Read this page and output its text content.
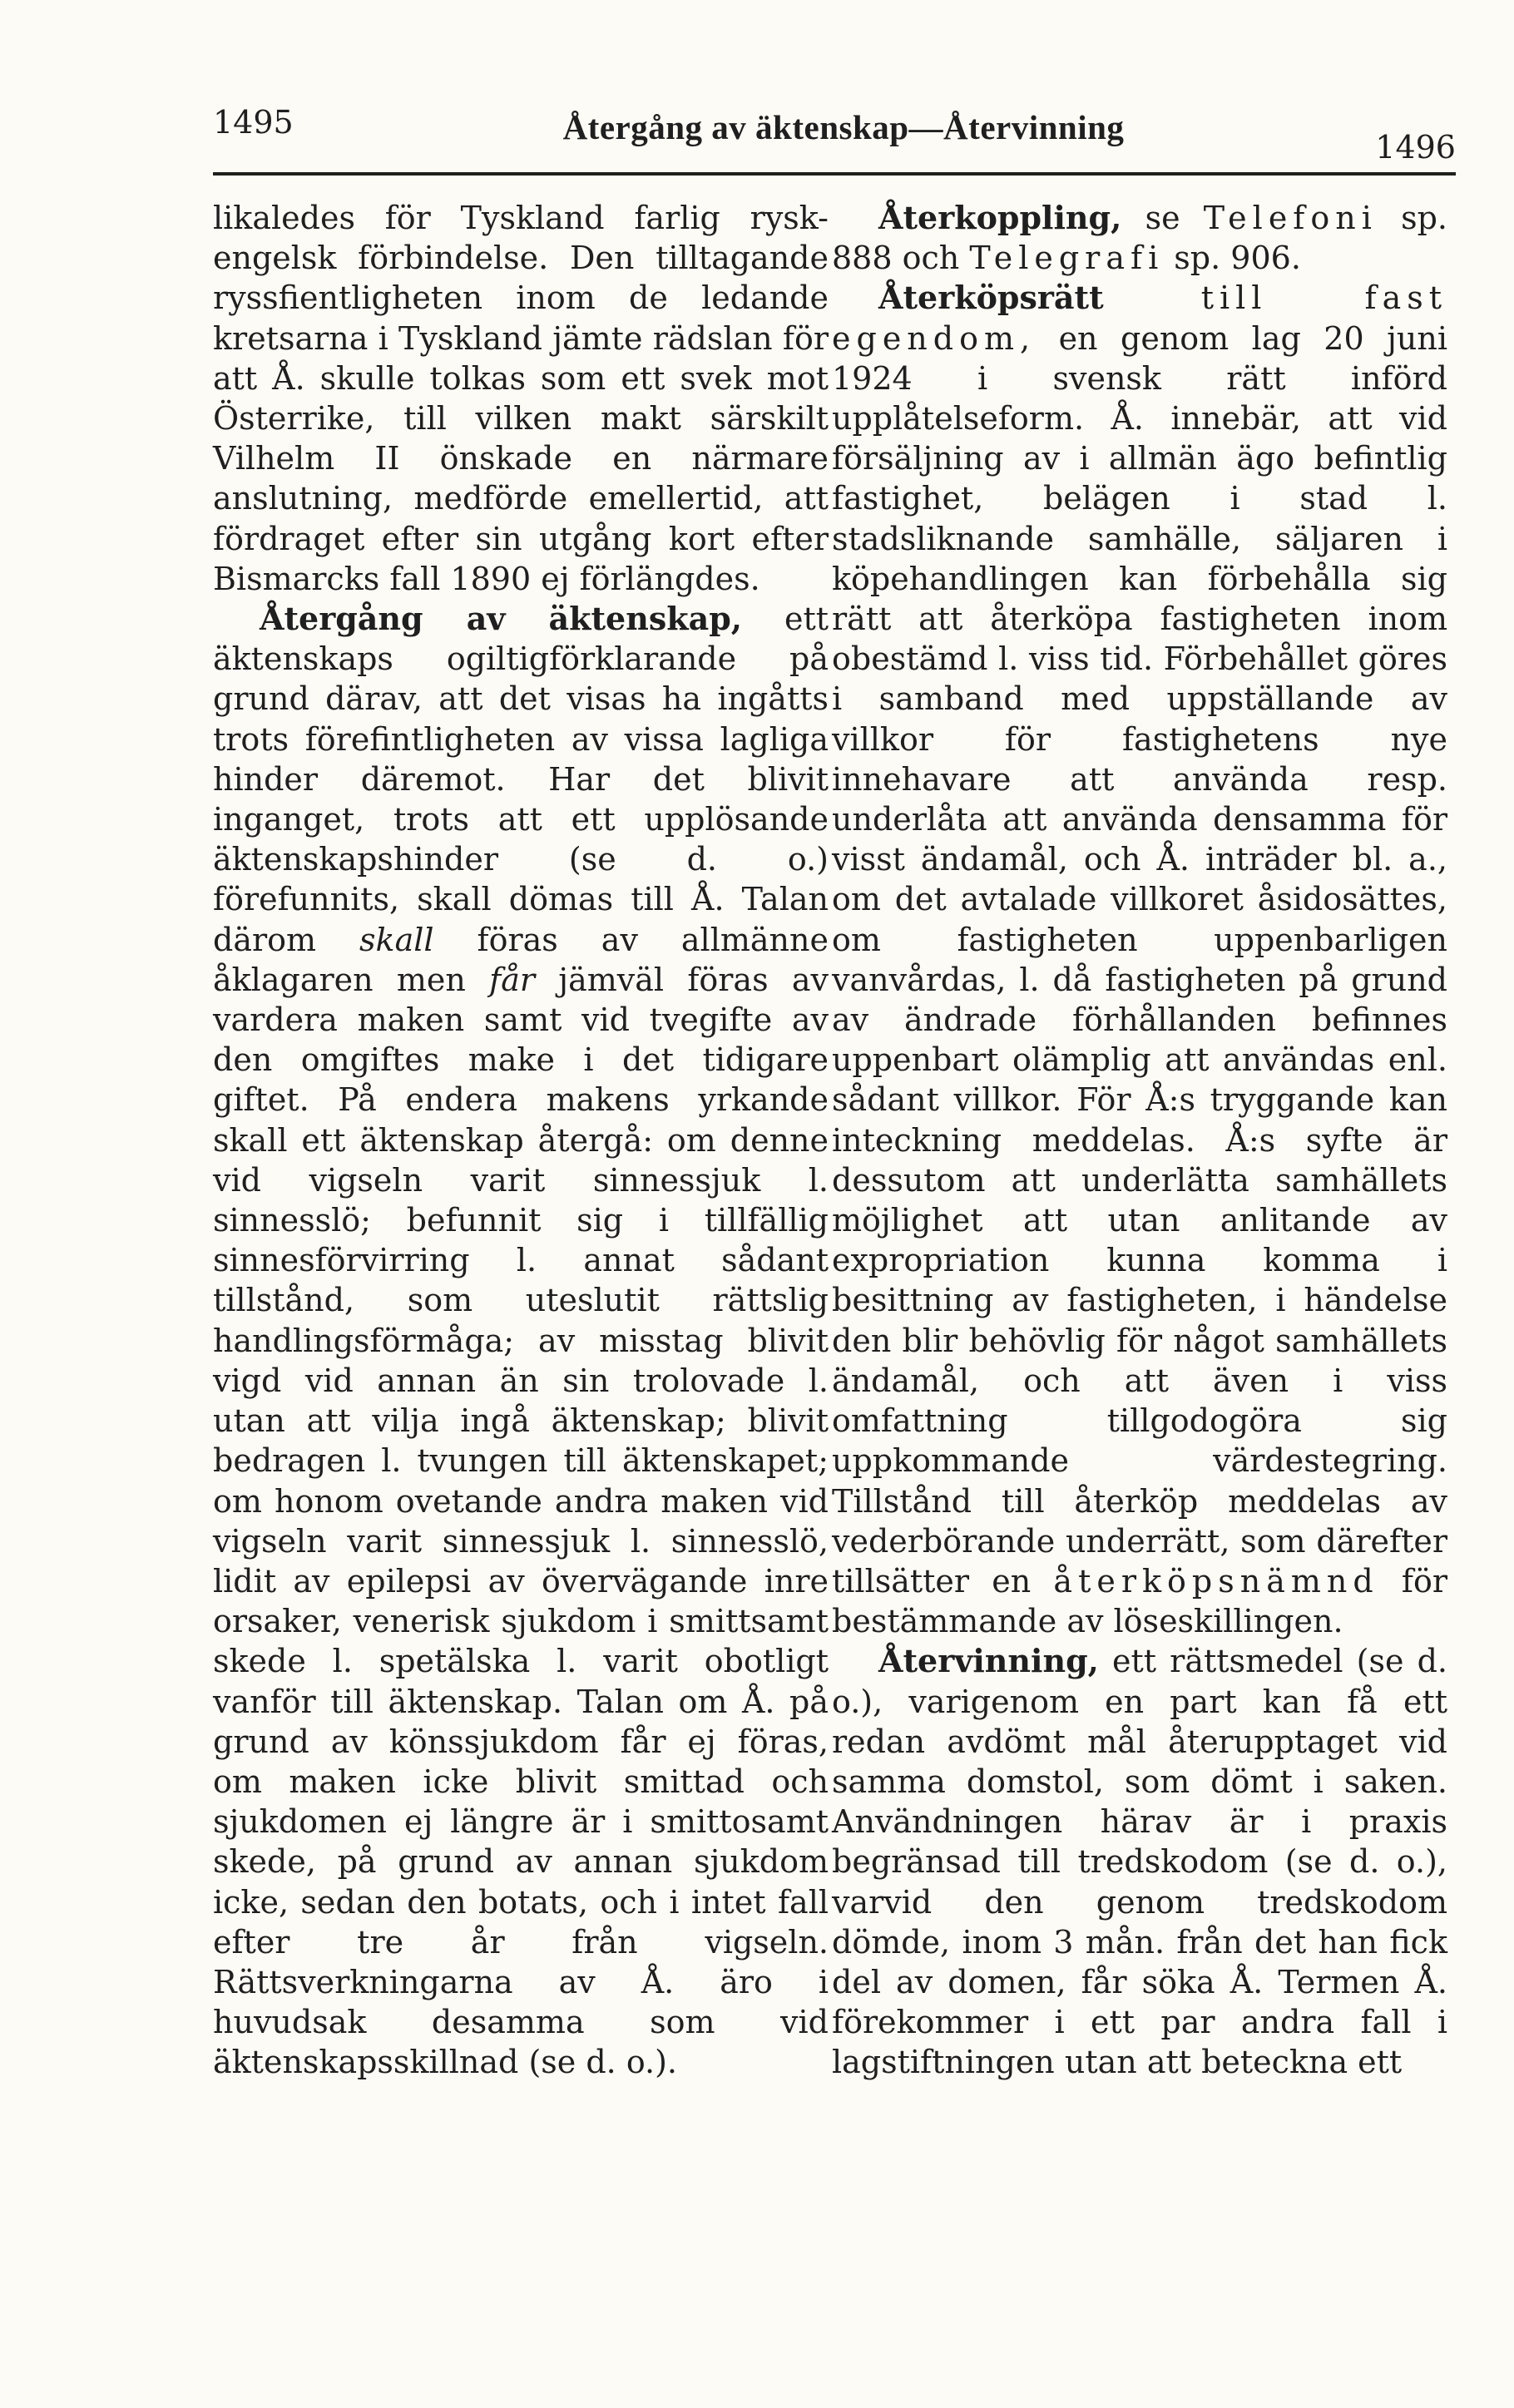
1495	Återgång av äktenskap—Återvinning
1496

likaledes för Tyskland farlig rysk-engelsk förbindelse. Den tilltagande ryssfientligheten inom de ledande kretsarna i Tyskland jämte rädslan för att Å. skulle tolkas som ett svek mot Österrike, till vilken makt särskilt Vilhelm II önskade en närmare anslutning, medförde emellertid, att fördraget efter sin utgång kort efter Bismarcks fall 1890 ej förlängdes.

Återgång av äktenskap, ett äktenskaps ogiltigförklarande på grund därav, att det visas ha ingåtts trots förefintligheten av vissa lagliga hinder däremot. Har det blivit inganget, trots att ett upplösande äktenskapshinder (se d. o.) förefunnits, skall dömas till Å. Talan därom skall föras av allmänne åklagaren men får jämväl föras av vardera maken samt vid tvegifte av den omgiftes make i det tidigare giftet. På endera makens yrkande skall ett äktenskap återgå: om denne vid vigseln varit sinnessjuk l. sinnesslö; befunnit sig i tillfällig sinnesförvirring l. annat sådant tillstånd, som uteslutit rättslig handlingsförmåga; av misstag blivit vigd vid annan än sin trolovade l. utan att vilja ingå äktenskap; blivit bedragen l. tvungen till äktenskapet; om honom ovetande andra maken vid vigseln varit sinnessjuk l. sinnesslö, lidit av epilepsi av övervägande inre orsaker, venerisk sjukdom i smittsamt skede l. spetälska l. varit obotligt vanför till äktenskap. Talan om Å. på grund av könssjukdom får ej föras, om maken icke blivit smittad och sjukdomen ej längre är i smittosamt skede, på grund av annan sjukdom icke, sedan den botats, och i intet fall efter tre år från vigseln. Rättsverkningarna av Å. äro i huvudsak desamma som vid äktenskapsskillnad (se d. o.).

Återkoppling, se Telefoni sp. 888 och Telegrafi sp. 906.

Återköpsrätt till fast egendom, en genom lag 20 juni 1924 i svensk rätt införd upplåtelseform. Å. innebär, att vid försäljning av i allmän ägo befintlig fastighet, belägen i stad l. stadsliknande samhälle, säljaren i köpehandlingen kan förbehålla sig rätt att återköpa fastigheten inom obestämd l. viss tid. Förbehållet göres i samband med uppställande av villkor för fastighetens nye innehavare att använda resp. underlåta att använda densamma för visst ändamål, och Å. inträder bl. a., om det avtalade villkoret åsidosättes, om fastigheten uppenbarligen vanvårdas, l. då fastigheten på grund av ändrade förhållanden befinnes uppenbart olämplig att användas enl. sådant villkor. För Å:s tryggande kan inteckning meddelas. Å:s syfte är dessutom att underlätta samhällets möjlighet att utan anlitande av expropriation kunna komma i besittning av fastigheten, i händelse den blir behövlig för något samhällets ändamål, och att även i viss omfattning tillgodogöra sig uppkommande värdestegring. Tillstånd till återköp meddelas av vederbörande underrätt, som därefter tillsätter en återköpsnämnd för bestämmande av löseskillingen.

Återvinning, ett rättsmedel (se d. o.), varigenom en part kan få ett redan avdömt mål återupptaget vid samma domstol, som dömt i saken. Användningen härav är i praxis begränsad till tredskodom (se d. o.), varvid den genom tredskodom dömde, inom 3 mån. från det han fick del av domen, får söka Å. Termen Å. förekommer i ett par andra fall i lagstiftningen utan att beteckna ett
